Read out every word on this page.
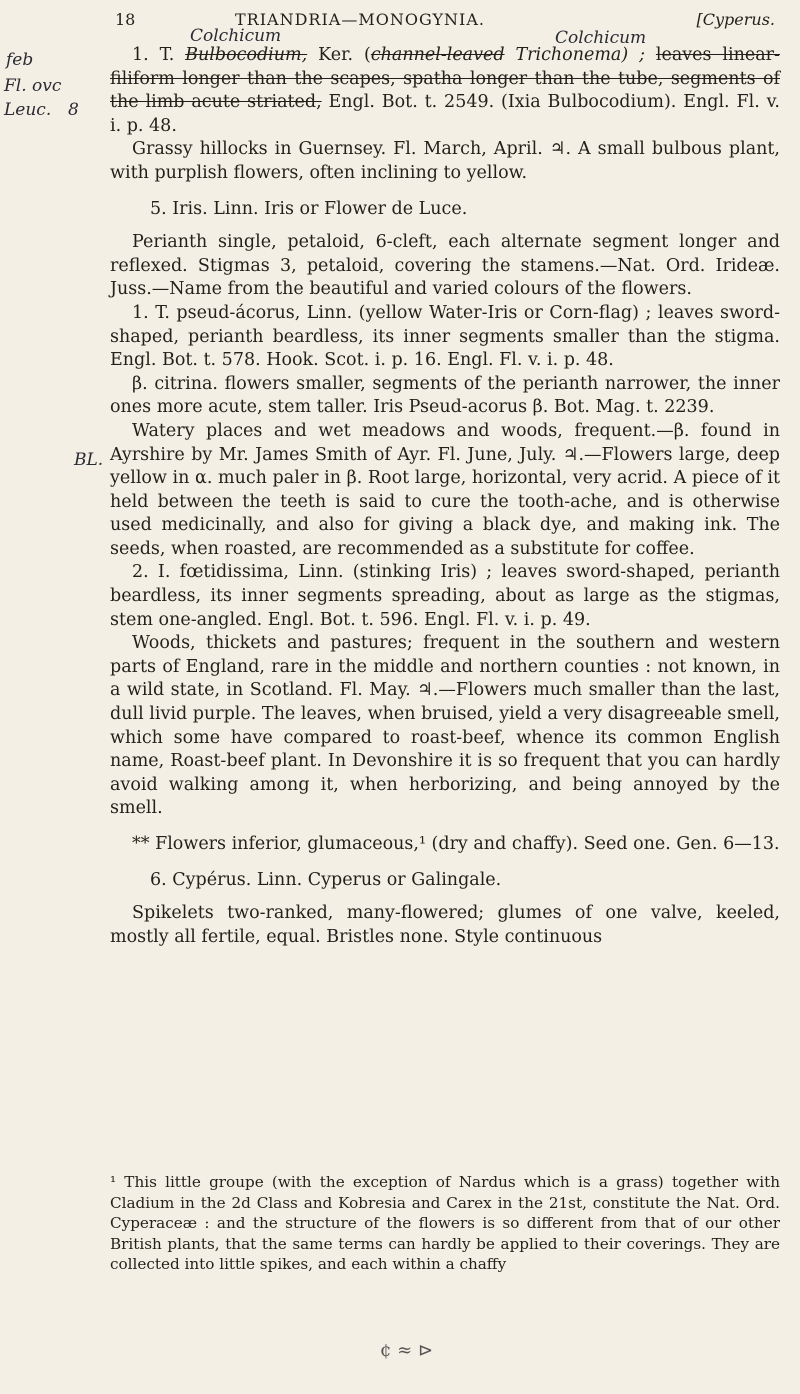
18	TRIANDRIA—MONOGYNIA.	[Cyperus.
Colchicum	Colchicum
feb
Fl. ovc
Leuc. 8
BL.

1. T. Bulbocodium, Ker. (channel-leaved Trichonema) ; leaves linear-filiform longer than the scapes, spatha longer than the tube, segments of the limb acute striated, Engl. Bot. t. 2549. (Ixia Bulbocodium). Engl. Fl. v. i. p. 48.

Grassy hillocks in Guernsey. Fl. March, April. ♃. A small bulbous plant, with purplish flowers, often inclining to yellow.

5. Iris. Linn. Iris or Flower de Luce.

Perianth single, petaloid, 6-cleft, each alternate segment longer and reflexed. Stigmas 3, petaloid, covering the stamens.—Nat. Ord. Irideæ. Juss.—Name from the beautiful and varied colours of the flowers.

1. T. pseud-ácorus, Linn. (yellow Water-Iris or Corn-flag) ; leaves sword-shaped, perianth beardless, its inner segments smaller than the stigma. Engl. Bot. t. 578. Hook. Scot. i. p. 16. Engl. Fl. v. i. p. 48.

β. citrina. flowers smaller, segments of the perianth narrower, the inner ones more acute, stem taller. Iris Pseud-acorus β. Bot. Mag. t. 2239.

Watery places and wet meadows and woods, frequent.—β. found in Ayrshire by Mr. James Smith of Ayr. Fl. June, July. ♃.—Flowers large, deep yellow in α. much paler in β. Root large, horizontal, very acrid. A piece of it held between the teeth is said to cure the tooth-ache, and is otherwise used medicinally, and also for giving a black dye, and making ink. The seeds, when roasted, are recommended as a substitute for coffee.

2. I. fœtidissima, Linn. (stinking Iris) ; leaves sword-shaped, perianth beardless, its inner segments spreading, about as large as the stigmas, stem one-angled. Engl. Bot. t. 596. Engl. Fl. v. i. p. 49.

Woods, thickets and pastures; frequent in the southern and western parts of England, rare in the middle and northern counties : not known, in a wild state, in Scotland. Fl. May. ♃.—Flowers much smaller than the last, dull livid purple. The leaves, when bruised, yield a very disagreeable smell, which some have compared to roast-beef, whence its common English name, Roast-beef plant. In Devonshire it is so frequent that you can hardly avoid walking among it, when herborizing, and being annoyed by the smell.

** Flowers inferior, glumaceous,¹ (dry and chaffy). Seed one. Gen. 6—13.

6. Cypérus. Linn. Cyperus or Galingale.

Spikelets two-ranked, many-flowered; glumes of one valve, keeled, mostly all fertile, equal. Bristles none. Style continuous

¹ This little groupe (with the exception of Nardus which is a grass) together with Cladium in the 2d Class and Kobresia and Carex in the 21st, constitute the Nat. Ord. Cyperaceæ : and the structure of the flowers is so different from that of our other British plants, that the same terms can hardly be applied to their coverings. They are collected into little spikes, and each within a chaffy
¢ ≈ ⊳
